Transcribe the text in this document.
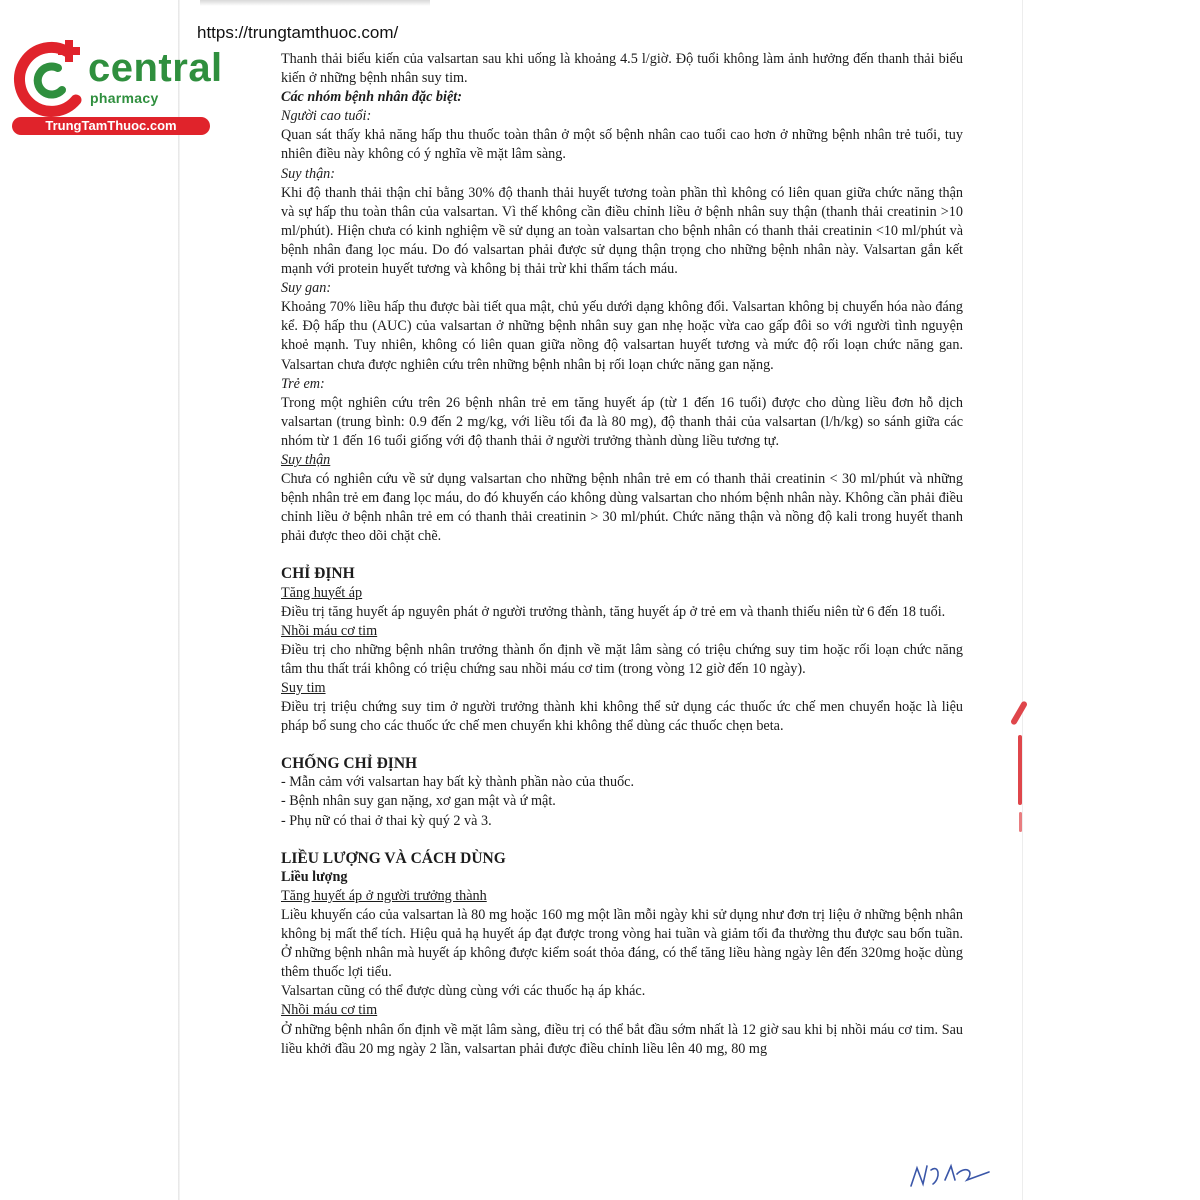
https://trungtamthuoc.com/
central
pharmacy
TrungTamThuoc.com

Thanh thải biểu kiến của valsartan sau khi uống là khoảng 4.5 l/giờ. Độ tuổi không làm ảnh hưởng đến thanh thải biểu kiến ở những bệnh nhân suy tim.

Các nhóm bệnh nhân đặc biệt:

Người cao tuổi:

Quan sát thấy khả năng hấp thu thuốc toàn thân ở một số bệnh nhân cao tuổi cao hơn ở những bệnh nhân trẻ tuổi, tuy nhiên điều này không có ý nghĩa về mặt lâm sàng.

Suy thận:

Khi độ thanh thải thận chỉ bằng 30% độ thanh thải huyết tương toàn phần thì không có liên quan giữa chức năng thận và sự hấp thu toàn thân của valsartan. Vì thế không cần điều chỉnh liều ở bệnh nhân suy thận (thanh thải creatinin >10 ml/phút). Hiện chưa có kinh nghiệm về sử dụng an toàn valsartan cho bệnh nhân có thanh thải creatinin <10 ml/phút và bệnh nhân đang lọc máu. Do đó valsartan phải được sử dụng thận trọng cho những bệnh nhân này. Valsartan gắn kết mạnh với protein huyết tương và không bị thải trừ khi thẩm tách máu.

Suy gan:

Khoảng 70% liều hấp thu được bài tiết qua mật, chủ yếu dưới dạng không đổi. Valsartan không bị chuyển hóa nào đáng kể. Độ hấp thu (AUC) của valsartan ở những bệnh nhân suy gan nhẹ hoặc vừa cao gấp đôi so với người tình nguyện khoẻ mạnh. Tuy nhiên, không có liên quan giữa nồng độ valsartan huyết tương và mức độ rối loạn chức năng gan. Valsartan chưa được nghiên cứu trên những bệnh nhân bị rối loạn chức năng gan nặng.

Trẻ em:

Trong một nghiên cứu trên 26 bệnh nhân trẻ em tăng huyết áp (từ 1 đến 16 tuổi) được cho dùng liều đơn hỗ dịch valsartan (trung bình: 0.9 đến 2 mg/kg, với liều tối đa là 80 mg), độ thanh thải của valsartan (l/h/kg) so sánh giữa các nhóm từ 1 đến 16 tuổi giống với độ thanh thải ở người trưởng thành dùng liều tương tự.

Suy thận

Chưa có nghiên cứu về sử dụng valsartan cho những bệnh nhân trẻ em có thanh thải creatinin < 30 ml/phút và những bệnh nhân trẻ em đang lọc máu, do đó khuyến cáo không dùng valsartan cho nhóm bệnh nhân này. Không cần phải điều chỉnh liều ở bệnh nhân trẻ em có thanh thải creatinin > 30 ml/phút. Chức năng thận và nồng độ kali trong huyết thanh phải được theo dõi chặt chẽ.

CHỈ ĐỊNH

Tăng huyết áp

Điều trị tăng huyết áp nguyên phát ở người trưởng thành, tăng huyết áp ở trẻ em và thanh thiếu niên từ 6 đến 18 tuổi.

Nhồi máu cơ tim

Điều trị cho những bệnh nhân trưởng thành ổn định về mặt lâm sàng có triệu chứng suy tim hoặc rối loạn chức năng tâm thu thất trái không có triệu chứng sau nhồi máu cơ tim (trong vòng 12 giờ đến 10 ngày).

Suy tim

Điều trị triệu chứng suy tim ở người trưởng thành khi không thể sử dụng các thuốc ức chế men chuyển hoặc là liệu pháp bổ sung cho các thuốc ức chế men chuyển khi không thể dùng các thuốc chẹn beta.

CHỐNG CHỈ ĐỊNH

- Mẫn cảm với valsartan hay bất kỳ thành phần nào của thuốc.

- Bệnh nhân suy gan nặng, xơ gan mật và ứ mật.

- Phụ nữ có thai ở thai kỳ quý 2 và 3.

LIỀU LƯỢNG VÀ CÁCH DÙNG

Liều lượng

Tăng huyết áp ở người trưởng thành

Liều khuyến cáo của valsartan là 80 mg hoặc 160 mg một lần mỗi ngày khi sử dụng như đơn trị liệu ở những bệnh nhân không bị mất thể tích. Hiệu quả hạ huyết áp đạt được trong vòng hai tuần và giảm tối đa thường thu được sau bốn tuần. Ở những bệnh nhân mà huyết áp không được kiểm soát thỏa đáng, có thể tăng liều hàng ngày lên đến 320mg hoặc dùng thêm thuốc lợi tiểu.

Valsartan cũng có thể được dùng cùng với các thuốc hạ áp khác.

Nhồi máu cơ tim

Ở những bệnh nhân ổn định về mặt lâm sàng, điều trị có thể bắt đầu sớm nhất là 12 giờ sau khi bị nhồi máu cơ tim. Sau liều khởi đầu 20 mg ngày 2 lần, valsartan phải được điều chỉnh liều lên 40 mg, 80 mg
